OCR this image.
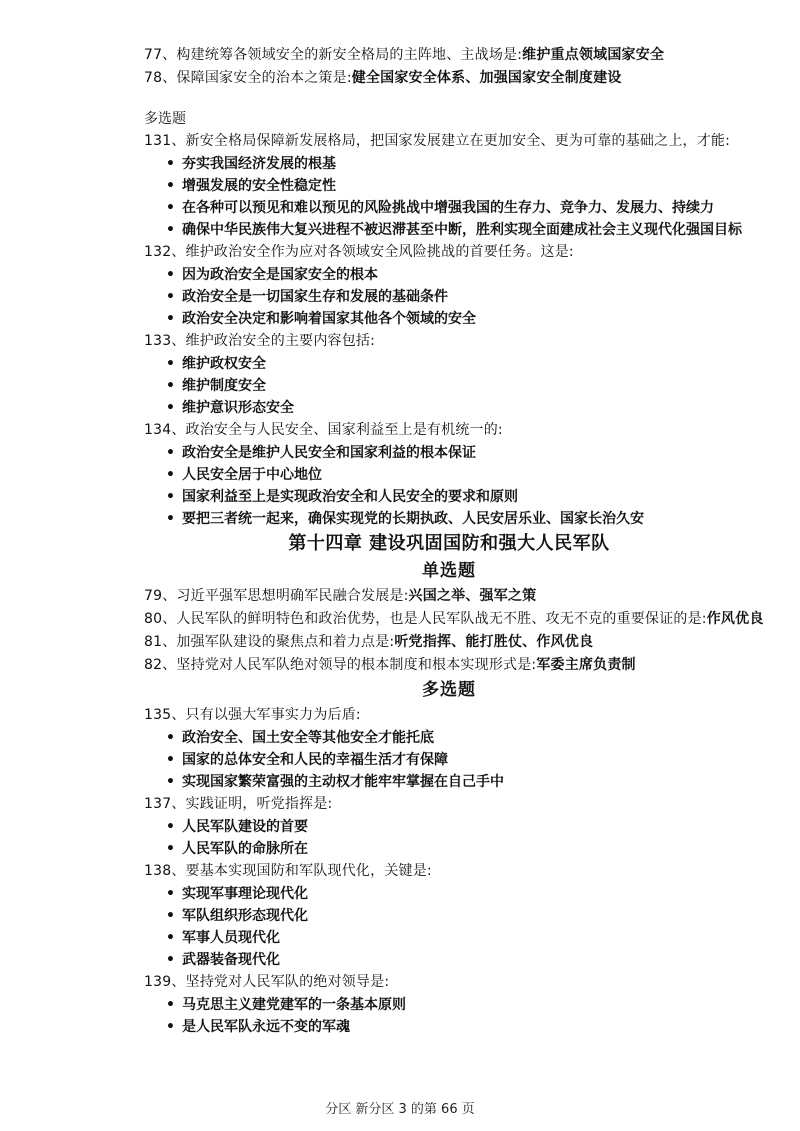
77、构建统筹各领域安全的新安全格局的主阵地、主战场是:维护重点领域国家安全
78、保障国家安全的治本之策是:健全国家安全体系、加强国家安全制度建设
多选题
131、新安全格局保障新发展格局，把国家发展建立在更加安全、更为可靠的基础之上，才能:
• 夯实我国经济发展的根基
• 增强发展的安全性稳定性
• 在各种可以预见和难以预见的风险挑战中增强我国的生存力、竞争力、发展力、持续力
• 确保中华民族伟大复兴进程不被迟滞甚至中断，胜利实现全面建成社会主义现代化强国目标
132、维护政治安全作为应对各领域安全风险挑战的首要任务。这是:
• 因为政治安全是国家安全的根本
• 政治安全是一切国家生存和发展的基础条件
• 政治安全决定和影响着国家其他各个领域的安全
133、维护政治安全的主要内容包括:
• 维护政权安全
• 维护制度安全
• 维护意识形态安全
134、政治安全与人民安全、国家利益至上是有机统一的:
• 政治安全是维护人民安全和国家利益的根本保证
• 人民安全居于中心地位
• 国家利益至上是实现政治安全和人民安全的要求和原则
• 要把三者统一起来，确保实现党的长期执政、人民安居乐业、国家长治久安
第十四章 建设巩固国防和强大人民军队
单选题
79、习近平强军思想明确军民融合发展是:兴国之举、强军之策
80、人民军队的鲜明特色和政治优势，也是人民军队战无不胜、攻无不克的重要保证的是:作风优良
81、加强军队建设的聚焦点和着力点是:听党指挥、能打胜仗、作风优良
82、坚持党对人民军队绝对领导的根本制度和根本实现形式是:军委主席负责制
多选题
135、只有以强大军事实力为后盾:
• 政治安全、国土安全等其他安全才能托底
• 国家的总体安全和人民的幸福生活才有保障
• 实现国家繁荣富强的主动权才能牢牢掌握在自己手中
137、实践证明，听党指挥是:
• 人民军队建设的首要
• 人民军队的命脉所在
138、要基本实现国防和军队现代化，关键是:
• 实现军事理论现代化
• 军队组织形态现代化
• 军事人员现代化
• 武器装备现代化
139、坚持党对人民军队的绝对领导是:
• 马克思主义建党建军的一条基本原则
• 是人民军队永远不变的军魂
分区 新分区 3 的第 66 页
